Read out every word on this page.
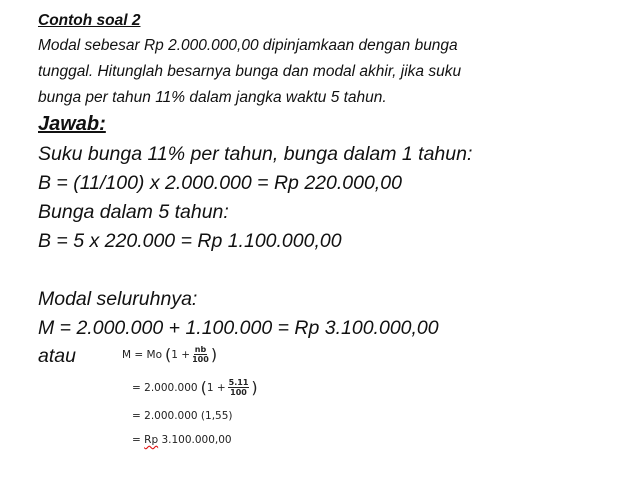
Contoh soal 2
Modal sebesar Rp 2.000.000,00 dipinjamkaan dengan bunga
tunggal. Hitunglah besarnya bunga dan modal akhir, jika suku
bunga per tahun 11% dalam jangka waktu 5 tahun.
Jawab:
Suku bunga 11% per tahun, bunga dalam 1 tahun:
B = (11/100) x 2.000.000 = Rp 220.000,00
Bunga dalam 5 tahun:
B = 5 x 220.000 = Rp 1.100.000,00
Modal seluruhnya:
M = 2.000.000 + 1.100.000 = Rp 3.100.000,00
atau	M = Mo ( $1 + \frac{nb}{100}$ )
= 2.000.000 ( $1 + \frac{5.11}{100}$ )
= 2.000.000 (1,55)
=
Rp
3.100.000,00
